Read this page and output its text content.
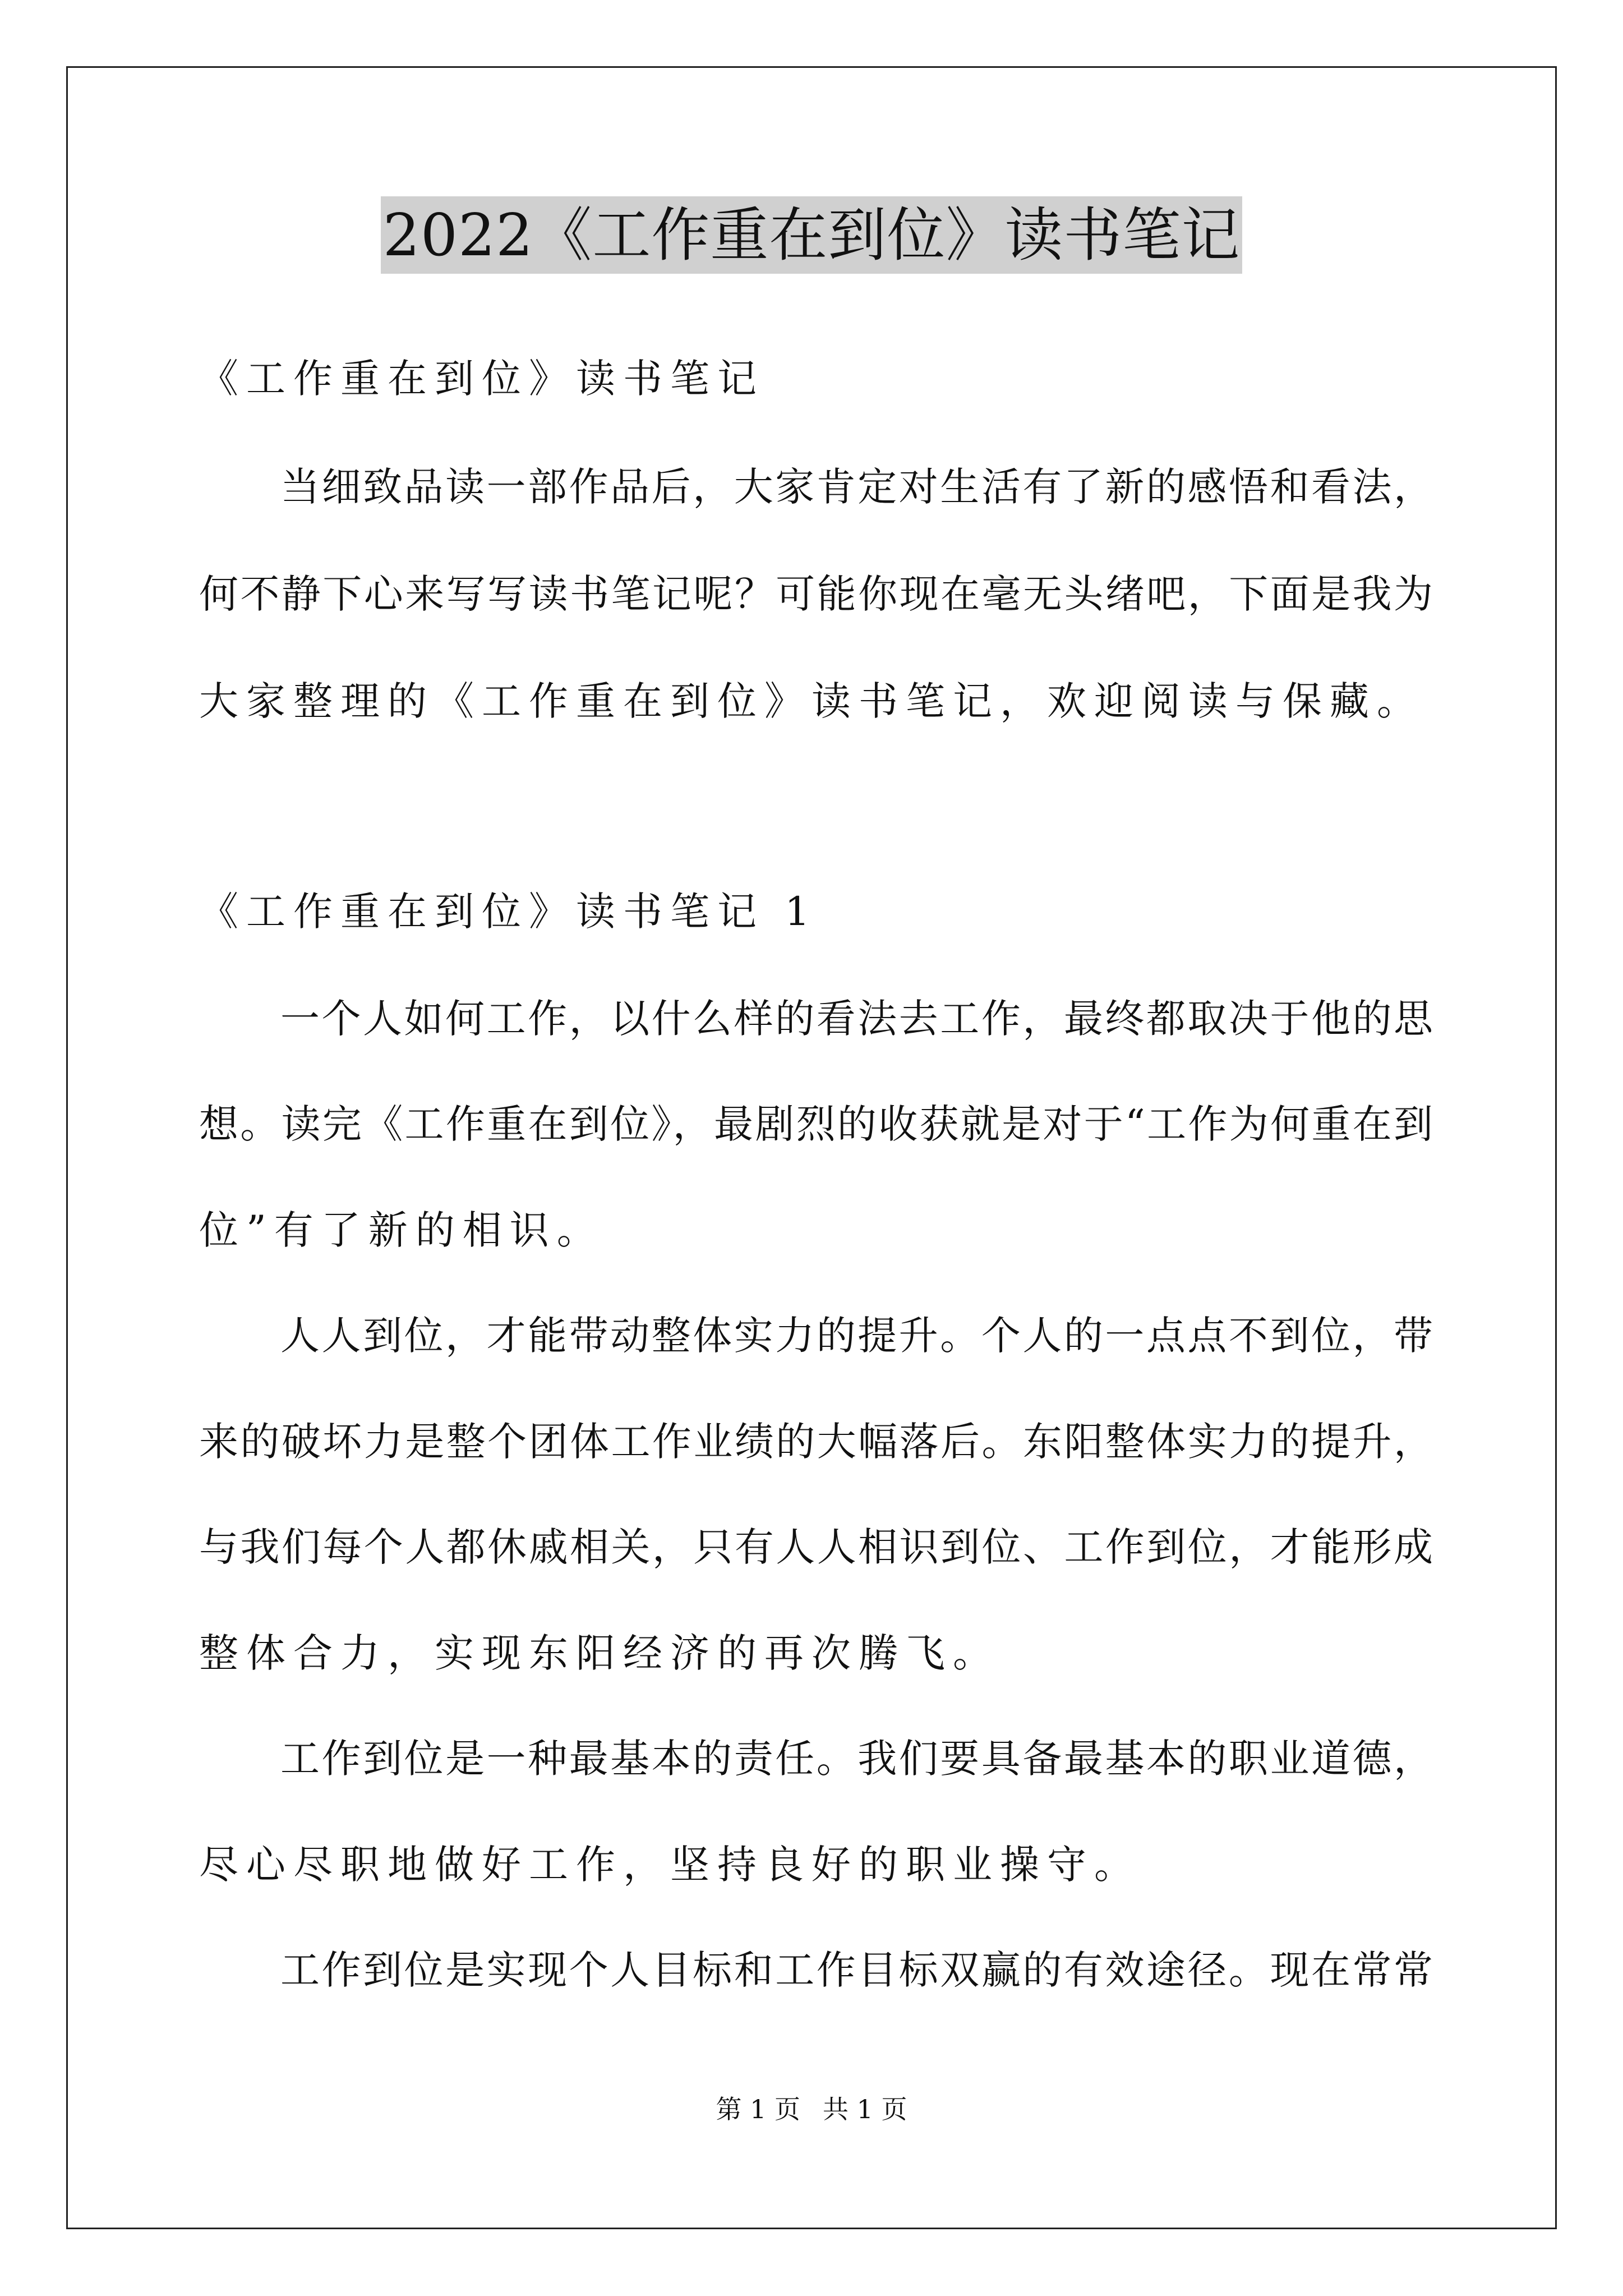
2022《工作重在到位》读书笔记
《工作重在到位》读书笔记
当细致品读一部作品后，大家肯定对生活有了新的感悟和看法，
何不静下心来写写读书笔记呢？可能你现在毫无头绪吧，下面是我为
大家整理的《工作重在到位》读书笔记，欢迎阅读与保藏。
《工作重在到位》读书笔记 1
一个人如何工作，以什么样的看法去工作，最终都取决于他的思
想。读完《工作重在到位》，最剧烈的收获就是对于“工作为何重在到
位”有了新的相识。
人人到位，才能带动整体实力的提升。个人的一点点不到位，带
来的破坏力是整个团体工作业绩的大幅落后。东阳整体实力的提升，
与我们每个人都休戚相关，只有人人相识到位、工作到位，才能形成
整体合力，实现东阳经济的再次腾飞。
工作到位是一种最基本的责任。我们要具备最基本的职业道德，
尽心尽职地做好工作，坚持良好的职业操守。
工作到位是实现个人目标和工作目标双赢的有效途径。现在常常
第 1 页 共 1 页
